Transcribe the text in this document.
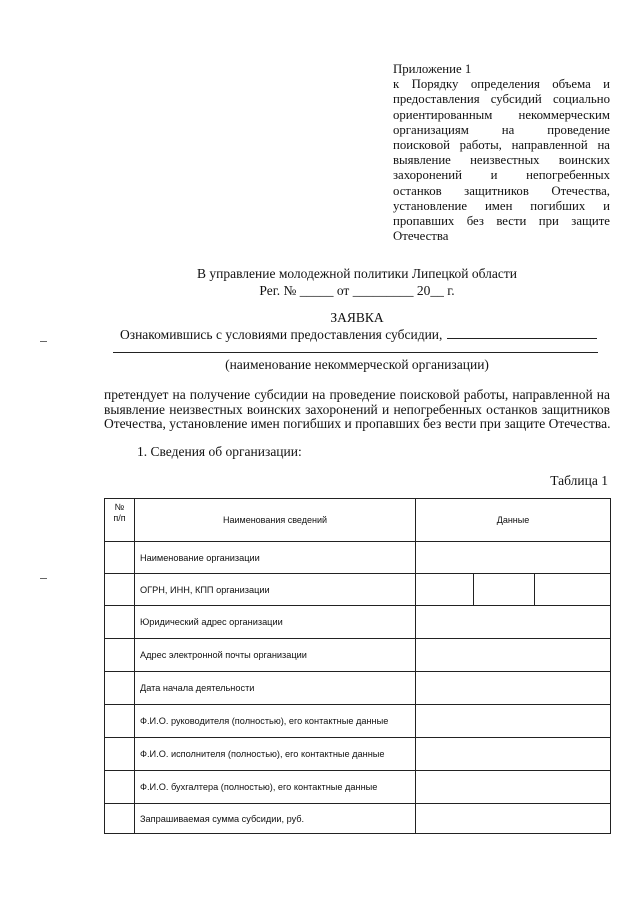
Приложение 1
к Порядку определения объема и
предоставления субсидий социально
ориентированным некоммерческим
организациям на проведение
поисковой работы, направленной на
выявление неизвестных воинских
захоронений и непогребенных
останков защитников Отечества,
установление имен погибших и
пропавших без вести при защите
Отечества
В управление молодежной политики Липецкой области
Рег. № _____ от _________ 20__ г.
ЗАЯВКА
Ознакомившись с условиями предоставления субсидии,
(наименование некоммерческой организации)
претендует на получение субсидии на проведение поисковой работы, направленной на
выявление неизвестных воинских захоронений и непогребенных останков защитников
Отечества, установление имен погибших и пропавших без вести при защите Отечества.
1. Сведения об организации:
Таблица 1
№
п/п	Наименования сведений	Данные		
	Наименование организации			
	ОГРН, ИНН, КПП организации			
	Юридический адрес организации			
	Адрес электронной почты организации			
	Дата начала деятельности			
	Ф.И.О. руководителя (полностью), его контактные данные			
	Ф.И.О. исполнителя (полностью), его контактные данные			
	Ф.И.О. бухгалтера (полностью), его контактные данные			
	Запрашиваемая сумма субсидии, руб.			
